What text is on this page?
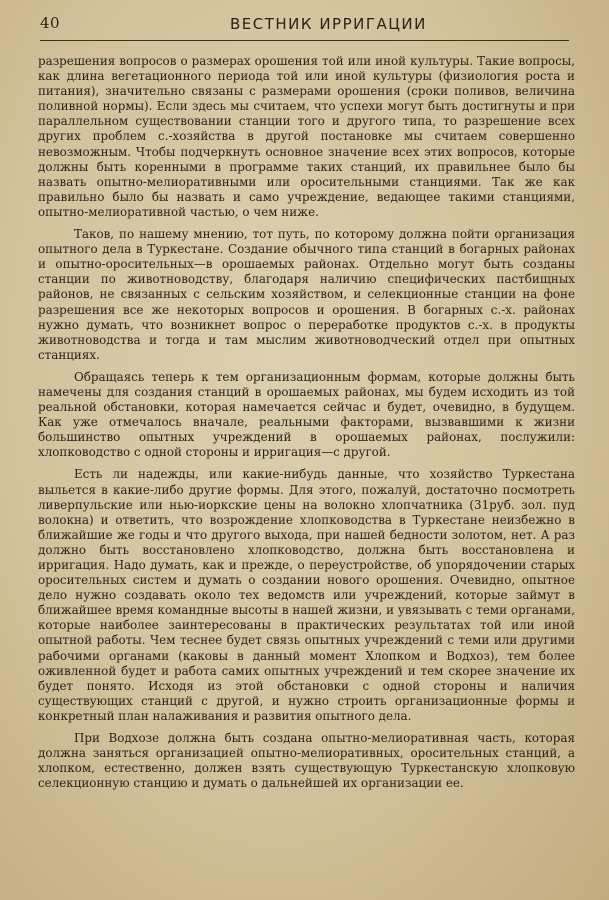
40	ВЕСТНИК ИРРИГАЦИИ

разрешения вопросов о размерах орошения той или иной культуры. Такие вопросы, как длина вегетационного периода той или иной культуры (физиология роста и питания), значительно связаны с размерами орошения (сроки поливов, величина поливной нормы). Если здесь мы считаем, что успехи могут быть достигнуты и при параллельном существовании станции того и другого типа, то разрешение всех других проблем с.-хозяйства в другой постановке мы считаем совершенно невозможным. Чтобы подчеркнуть основное значение всех этих вопросов, которые должны быть коренными в программе таких станций, их правильнее было бы назвать опытно-мелиоративными или оросительными станциями. Так же как правильно было бы назвать и само учреждение, ведающее такими станциями, опытно-мелиоративной частью, о чем ниже.

Таков, по нашему мнению, тот путь, по которому должна пойти организация опытного дела в Туркестане. Создание обычного типа станций в богарных районах и опытно-оросительных—в орошаемых районах. Отдельно могут быть созданы станции по животноводству, благодаря наличию специфических пастбищных районов, не связанных с сельским хозяйством, и селекционные станции на фоне разрешения все же некоторых вопросов и орошения. В богарных с.-х. районах нужно думать, что возникнет вопрос о переработке продуктов с.-х. в продукты животноводства и тогда и там мыслим животноводческий отдел при опытных станциях.

Обращаясь теперь к тем организационным формам, которые должны быть намечены для создания станций в орошаемых районах, мы будем исходить из той реальной обстановки, которая намечается сейчас и будет, очевидно, в будущем. Как уже отмечалось вначале, реальными факторами, вызвавшими к жизни большинство опытных учреждений в орошаемых районах, послужили: хлопководство с одной стороны и ирригация—с другой.

Есть ли надежды, или какие-нибудь данные, что хозяйство Туркестана выльется в какие-либо другие формы. Для этого, пожалуй, достаточно посмотреть ливерпульские или нью-иоркские цены на волокно хлопчатника (31руб. зол. пуд волокна) и ответить, что возрождение хлопководства в Туркестане неизбежно в ближайшие же годы и что другого выхода, при нашей бедности золотом, нет. А раз должно быть восстановлено хлопководство, должна быть восстановлена и ирригация. Надо думать, как и прежде, о переустройстве, об упорядочении старых оросительных систем и думать о создании нового орошения. Очевидно, опытное дело нужно создавать около тех ведомств или учреждений, которые займут в ближайшее время командные высоты в нашей жизни, и увязывать с теми органами, которые наиболее заинтересованы в практических результатах той или иной опытной работы. Чем теснее будет связь опытных учреждений с теми или другими рабочими органами (каковы в данный момент Хлопком и Водхоз), тем более оживленной будет и работа самих опытных учреждений и тем скорее значение их будет понято. Исходя из этой обстановки с одной стороны и наличия существующих станций с другой, и нужно строить организационные формы и конкретный план налаживания и развития опытного дела.

При Водхозе должна быть создана опытно-мелиоративная часть, которая должна заняться организацией опытно-мелиоративных, оросительных станций, а хлопком, естественно, должен взять существующую Туркестанскую хлопковую селекционную станцию и думать о дальнейшей их организации ее.
